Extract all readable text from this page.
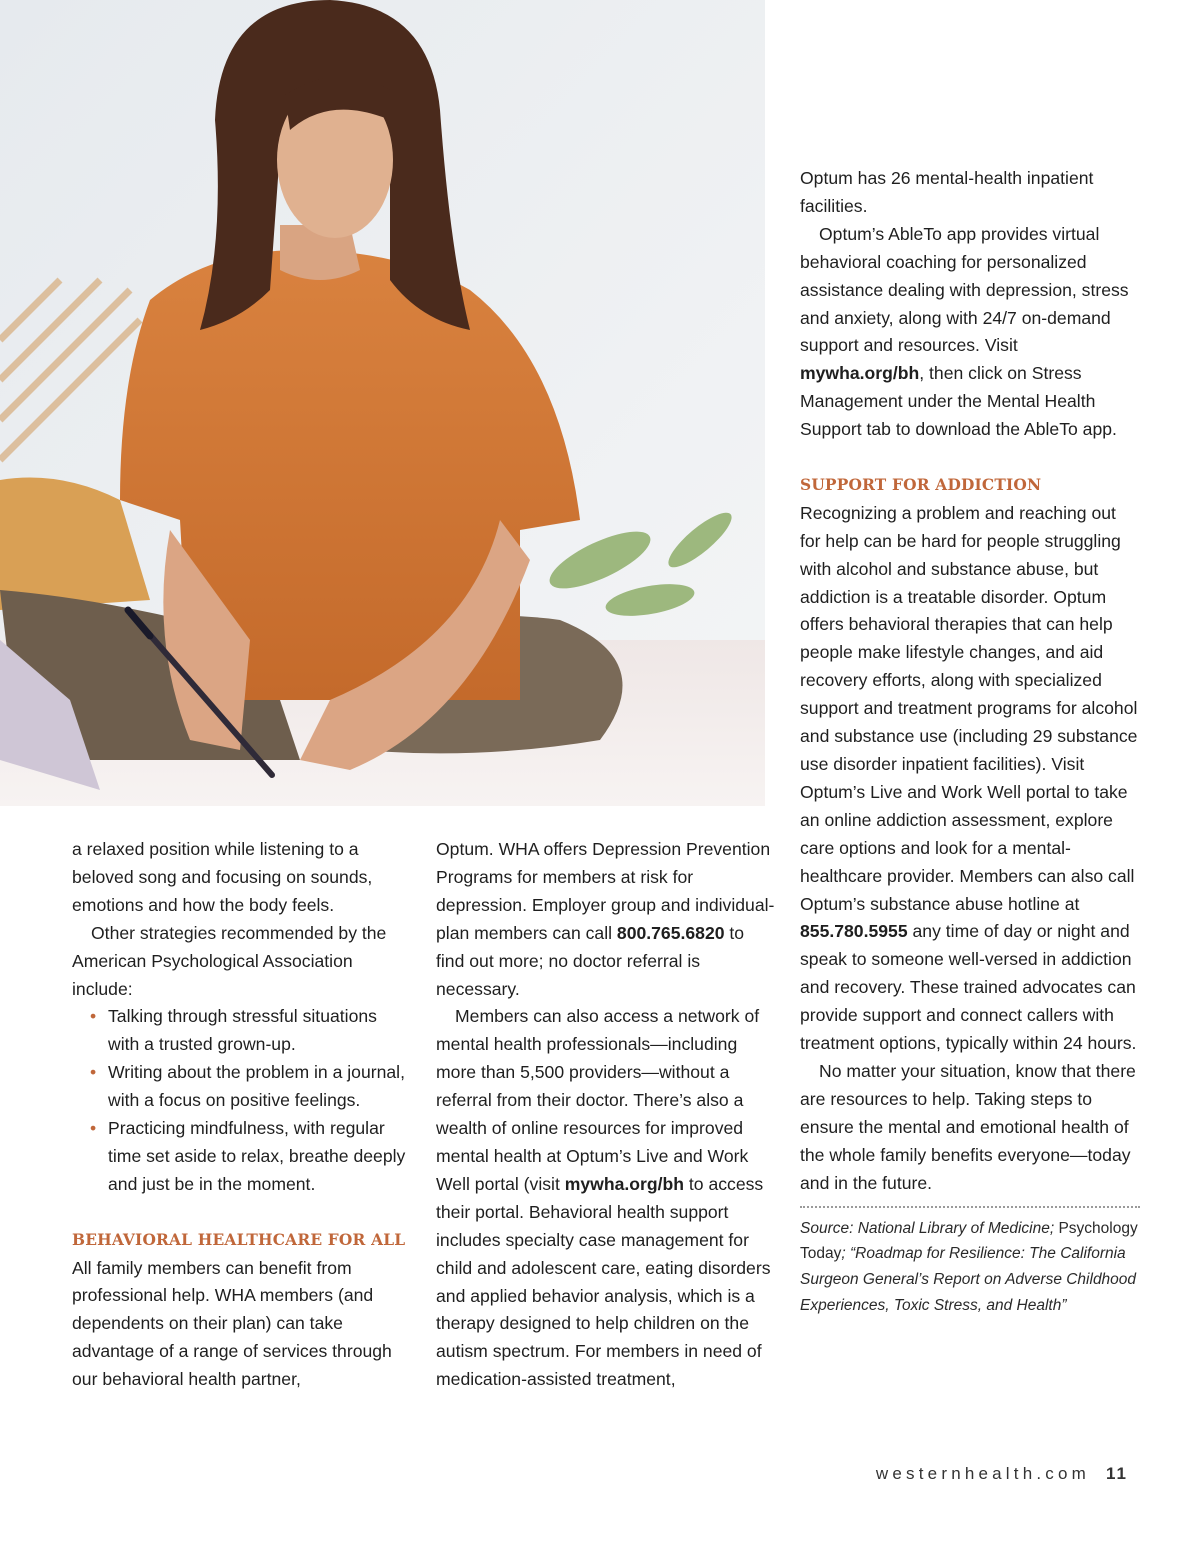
a relaxed position while listening to a beloved song and focusing on sounds, emotions and how the body feels.

Other strategies recommended by the American Psychological Association include:

• Talking through stressful situations with a trusted grown-up.
• Writing about the problem in a journal, with a focus on positive feelings.
• Practicing mindfulness, with regular time set aside to relax, breathe deeply and just be in the moment.

BEHAVIORAL HEALTHCARE FOR ALL

All family members can benefit from professional help. WHA members (and dependents on their plan) can take advantage of a range of services through our behavioral health partner,

Optum. WHA offers Depression Prevention Programs for members at risk for depression. Employer group and individual-plan members can call 800.765.6820 to find out more; no doctor referral is necessary.

Members can also access a network of mental health professionals—including more than 5,500 providers—without a referral from their doctor. There’s also a wealth of online resources for improved mental health at Optum’s Live and Work Well portal (visit mywha.org/bh to access their portal. Behavioral health support includes specialty case management for child and adolescent care, eating disorders and applied behavior analysis, which is a therapy designed to help children on the autism spectrum. For members in need of medication-assisted treatment,

Optum has 26 mental-health inpatient facilities.

Optum’s AbleTo app provides virtual behavioral coaching for personalized assistance dealing with depression, stress and anxiety, along with 24/7 on-demand support and resources. Visit mywha.org/bh, then click on Stress Management under the Mental Health Support tab to download the AbleTo app.

SUPPORT FOR ADDICTION

Recognizing a problem and reaching out for help can be hard for people struggling with alcohol and substance abuse, but addiction is a treatable disorder. Optum offers behavioral therapies that can help people make lifestyle changes, and aid recovery efforts, along with specialized support and treatment programs for alcohol and substance use (including 29 substance use disorder inpatient facilities). Visit Optum’s Live and Work Well portal to take an online addiction assessment, explore care options and look for a mental-healthcare provider. Members can also call Optum’s substance abuse hotline at 855.780.5955 any time of day or night and speak to someone well-versed in addiction and recovery. These trained advocates can provide support and connect callers with treatment options, typically within 24 hours.

No matter your situation, know that there are resources to help. Taking steps to ensure the mental and emotional health of the whole family benefits everyone—today and in the future.

Source: National Library of Medicine; Psychology Today; “Roadmap for Resilience: The California Surgeon General’s Report on Adverse Childhood Experiences, Toxic Stress, and Health”

westernhealth.com 11
